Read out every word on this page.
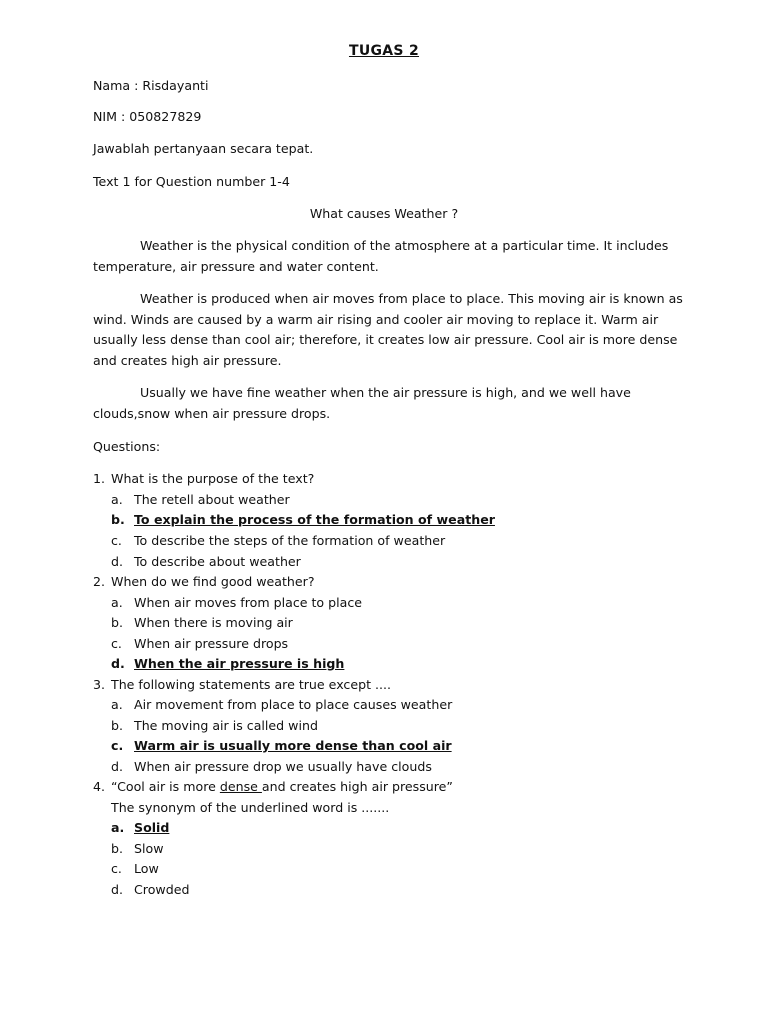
TUGAS 2
Nama : Risdayanti
NIM : 050827829
Jawablah pertanyaan secara tepat.
Text 1 for Question number 1-4
What causes Weather ?
Weather is the physical condition of the atmosphere at a particular time. It includes temperature, air pressure and water content.
Weather is produced when air moves from place to place. This moving air is known as wind. Winds are caused by a warm air rising and cooler air moving to replace it. Warm air usually less dense than cool air; therefore, it creates low air pressure. Cool air is more dense and creates high air pressure.
Usually we have fine weather when the air pressure is high, and we well have clouds,snow when air pressure drops.
Questions:
1. What is the purpose of the text?
a. The retell about weather
b. To explain the process of the formation of weather
c. To describe the steps of the formation of weather
d. To describe about weather
2. When do we find good weather?
a. When air moves from place to place
b. When there is moving air
c. When air pressure drops
d. When the air pressure is high
3. The following statements are true except ....
a. Air movement from place to place causes weather
b. The moving air is called wind
c. Warm air is usually more dense than cool air
d. When air pressure drop we usually have clouds
4. “Cool air is more dense and creates high air pressure”
The synonym of the underlined word is .......
a. Solid
b. Slow
c. Low
d. Crowded
